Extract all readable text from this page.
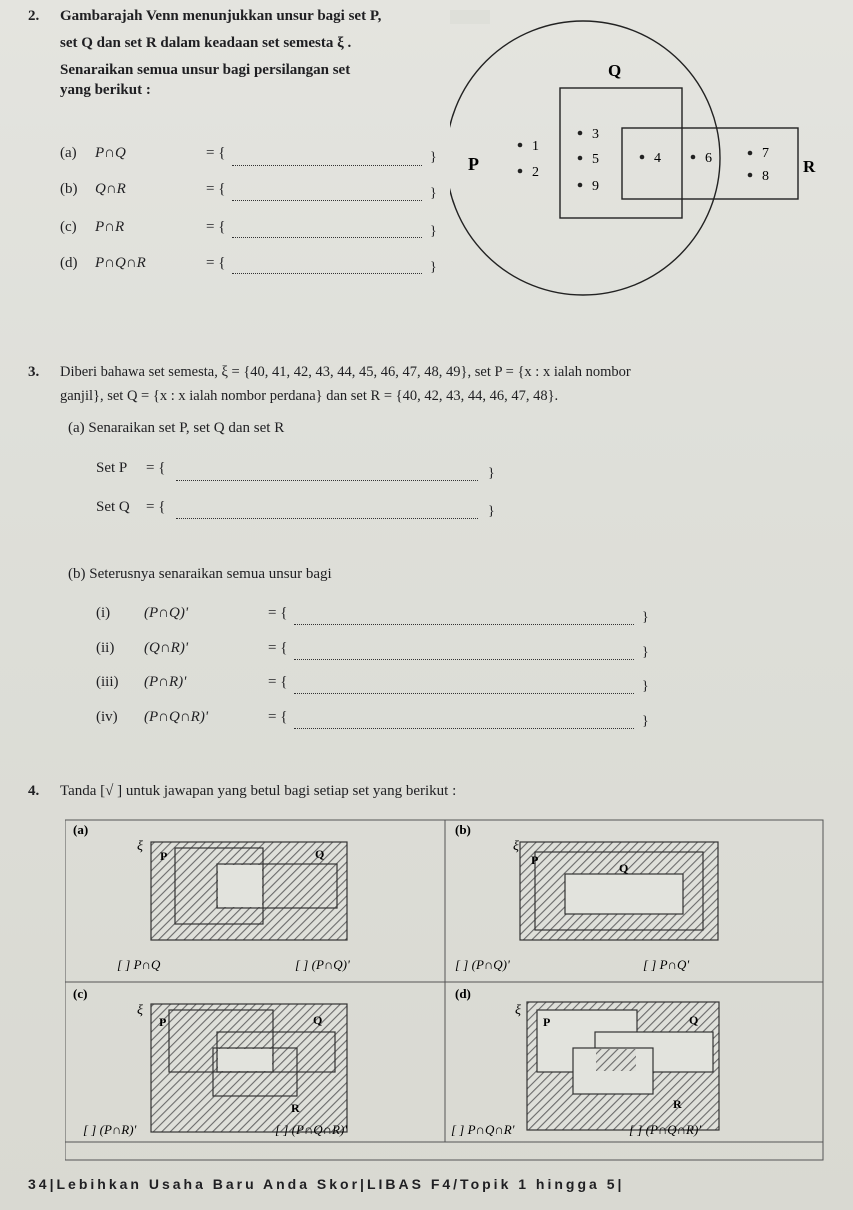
2. Gambarajah Venn menunjukkan unsur bagi set P,
set Q dan set R dalam keadaan set semesta ξ .
Senaraikan semua unsur bagi persilangan set
yang berikut :
(a) P∩Q	= {	}
(b) Q∩R	= {	}
(c) P∩R	= {	}
(d) P∩Q∩R	= {	}
Q
P	R
1
2
3
5
9
4	6	7
8
3. Diberi bahawa set semesta, ξ = {40, 41, 42, 43, 44, 45, 46, 47, 48, 49}, set P = {x : x ialah nombor
ganjil}, set Q = {x : x ialah nombor perdana} dan set R = {40, 42, 43, 44, 46, 47, 48}.
(a) Senaraikan set P, set Q dan set R
Set P = {	}
Set Q = {	}
(b) Seterusnya senaraikan semua unsur bagi
(i) (P∩Q)'	= {	}
(ii) (Q∩R)'	= {	}
(iii) (P∩R)'	= {	}
(iv) (P∩Q∩R)'	= {	}
4. Tanda [√ ] untuk jawapan yang betul bagi setiap set yang berikut :
(a)
ξ
P	Q
(b)
ξ
P
Q
[ ] P∩Q	[ ] (P∩Q)'	[ ] (P∩Q)'	[ ] P∩Q'
(c)
ξ
P	Q
R
(d)
ξ
P	Q
R
[ ] (P∩R)'	[ ] (P∩Q∩R)'	[ ] P∩Q∩R'	[ ] (P∩Q∩R)'
34|Lebihkan Usaha Baru Anda Skor|LIBAS F4/Topik 1 hingga 5|
